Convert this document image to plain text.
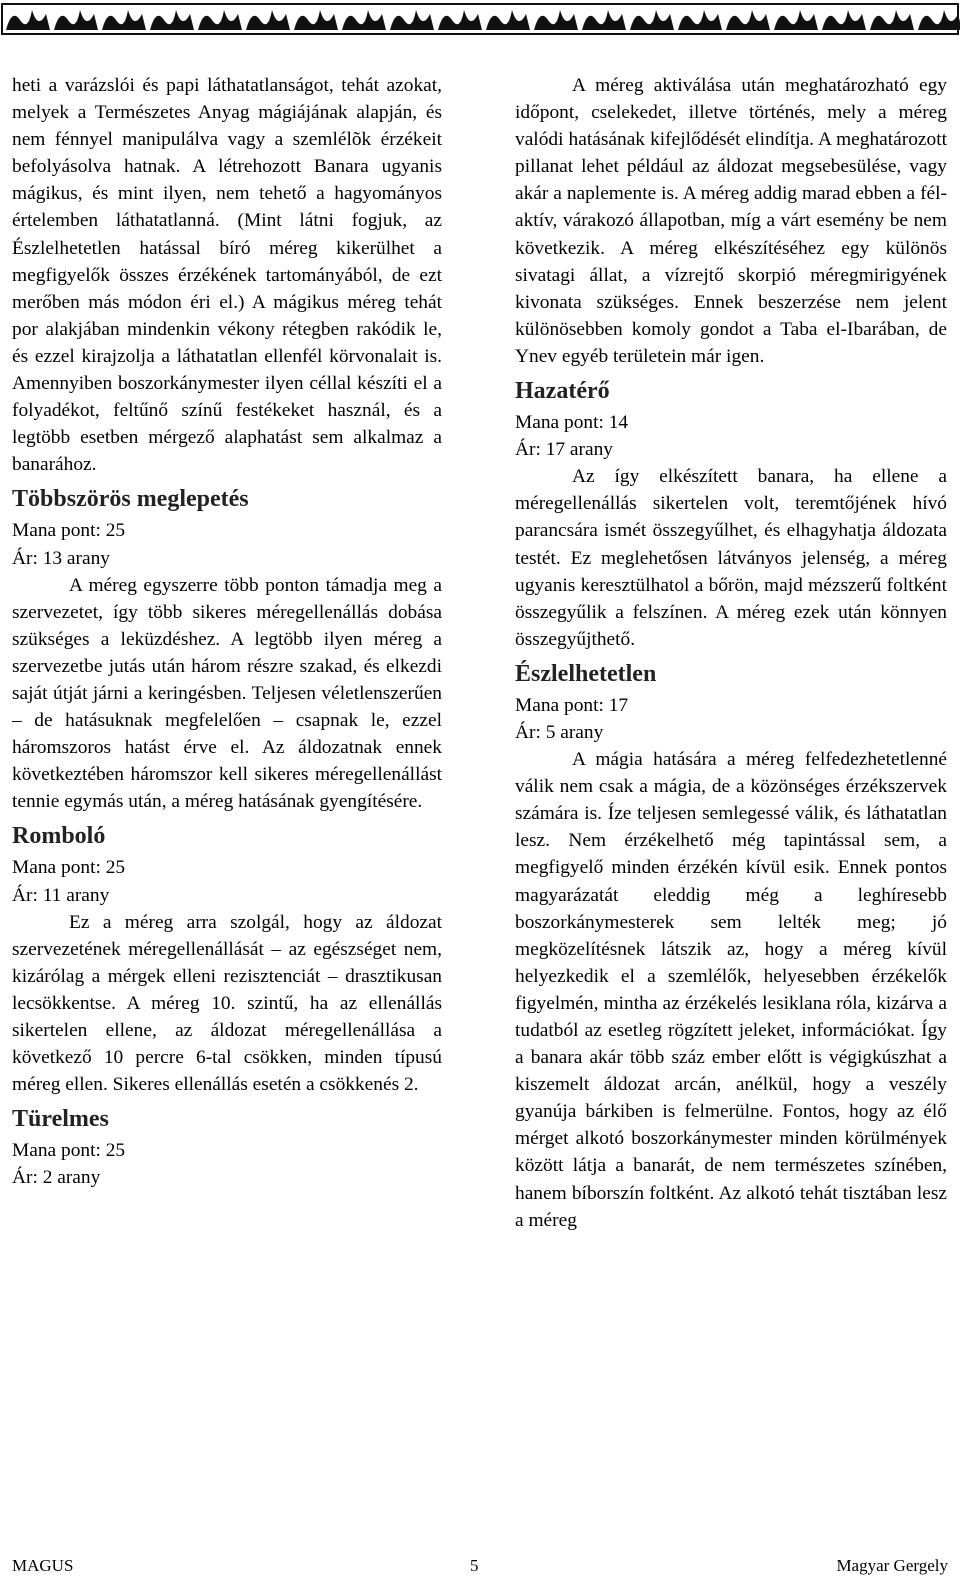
heti a varázslói és papi láthatatlanságot, tehát azokat, melyek a Természetes Anyag mágiájának alapján, és nem fénnyel manipulálva vagy a szemlélõk érzékeit befolyásolva hatnak. A létrehozott Banara ugyanis mágikus, és mint ilyen, nem tehető a hagyományos értelemben láthatatlanná. (Mint látni fogjuk, az Észlelhetetlen hatással bíró méreg kikerülhet a megfigyelők összes érzékének tartományából, de ezt merőben más módon éri el.) A mágikus méreg tehát por alakjában mindenkin vékony rétegben rakódik le, és ezzel kirajzolja a láthatatlan ellenfél körvonalait is. Amennyiben boszorkánymester ilyen céllal készíti el a folyadékot, feltűnő színű festékeket használ, és a legtöbb esetben mérgező alaphatást sem alkalmaz a banarához.

Többszörös meglepetés
Mana pont: 25
Ár: 13 arany

A méreg egyszerre több ponton támadja meg a szervezetet, így több sikeres méregellenállás dobása szükséges a leküzdéshez. A legtöbb ilyen méreg a szervezetbe jutás után három részre szakad, és elkezdi saját útját járni a keringésben. Teljesen véletlenszerűen – de hatásuknak megfelelően – csapnak le, ezzel háromszoros hatást érve el. Az áldozatnak ennek következtében háromszor kell sikeres méregellenállást tennie egymás után, a méreg hatásának gyengítésére.

Romboló
Mana pont: 25
Ár: 11 arany

Ez a méreg arra szolgál, hogy az áldozat szervezetének méregellenállását – az egészséget nem, kizárólag a mérgek elleni rezisztenciát – drasztikusan lecsökkentse. A méreg 10. szintű, ha az ellenállás sikertelen ellene, az áldozat méregellenállása a következő 10 percre 6-tal csökken, minden típusú méreg ellen. Sikeres ellenállás esetén a csökkenés 2.

Türelmes
Mana pont: 25
Ár: 2 arany

A méreg aktiválása után meghatározható egy időpont, cselekedet, illetve történés, mely a méreg valódi hatásának kifejlődését elindítja. A meghatározott pillanat lehet például az áldozat megsebesülése, vagy akár a naplemente is. A méreg addig marad ebben a fél-aktív, várakozó állapotban, míg a várt esemény be nem következik. A méreg elkészítéséhez egy különös sivatagi állat, a vízrejtő skorpió méregmirigyének kivonata szükséges. Ennek beszerzése nem jelent különösebben komoly gondot a Taba el-Ibarában, de Ynev egyéb területein már igen.

Hazatérő
Mana pont: 14
Ár: 17 arany

Az így elkészített banara, ha ellene a méregellenállás sikertelen volt, teremtőjének hívó parancsára ismét összegyűlhet, és elhagyhatja áldozata testét. Ez meglehetősen látványos jelenség, a méreg ugyanis keresztülhatol a bőrön, majd mézszerű foltként összegyűlik a felszínen. A méreg ezek után könnyen összegyűjthető.

Észlelhetetlen
Mana pont: 17
Ár: 5 arany

A mágia hatására a méreg felfedezhetetlenné válik nem csak a mágia, de a közönséges érzékszervek számára is. Íze teljesen semlegessé válik, és láthatatlan lesz. Nem érzékelhető még tapintással sem, a megfigyelő minden érzékén kívül esik. Ennek pontos magyarázatát eleddig még a leghíresebb boszorkánymesterek sem lelték meg; jó megközelítésnek látszik az, hogy a méreg kívül helyezkedik el a szemlélők, helyesebben érzékelők figyelmén, mintha az érzékelés lesiklana róla, kizárva a tudatból az esetleg rögzített jeleket, információkat. Így a banara akár több száz ember előtt is végigkúszhat a kiszemelt áldozat arcán, anélkül, hogy a veszély gyanúja bárkiben is felmerülne. Fontos, hogy az élő mérget alkotó boszorkánymester minden körülmények között látja a banarát, de nem természetes színében, hanem bíborszín foltként. Az alkotó tehát tisztában lesz a méreg

MAGUS	5	Magyar Gergely
